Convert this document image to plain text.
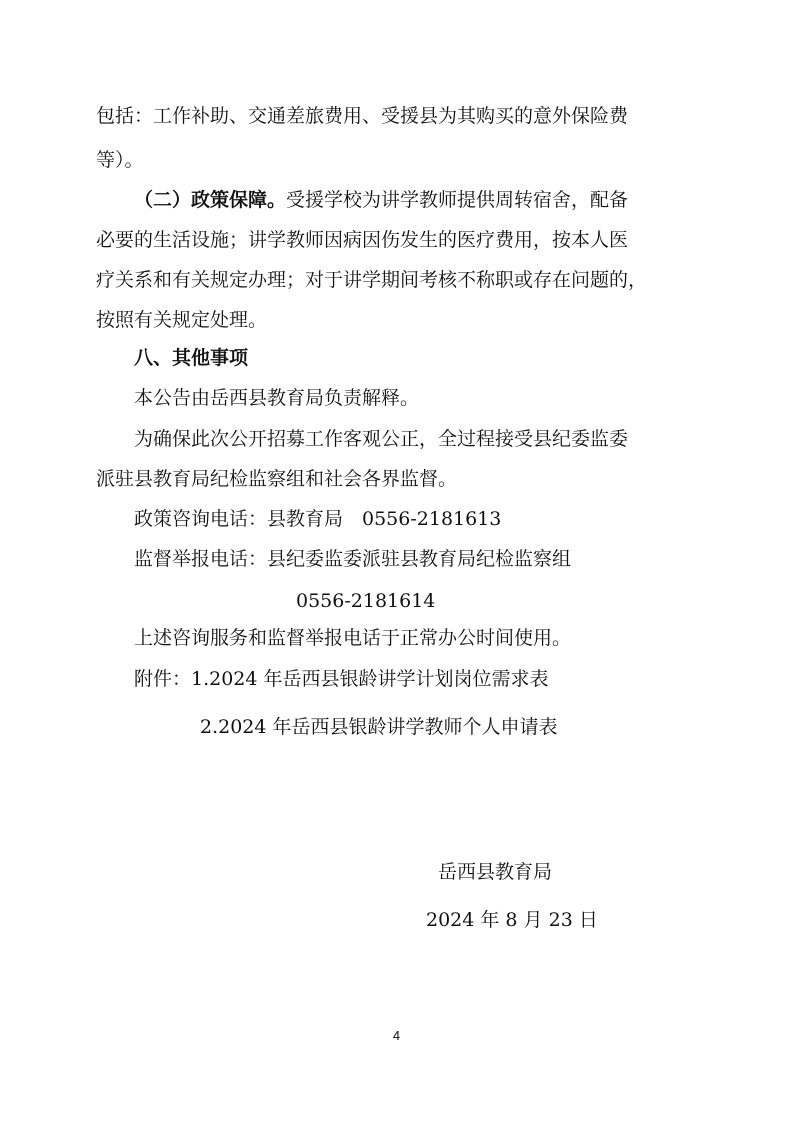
包括：工作补助、交通差旅费用、受援县为其购买的意外保险费
等）。
（二）政策保障。受援学校为讲学教师提供周转宿舍，配备
必要的生活设施；讲学教师因病因伤发生的医疗费用，按本人医
疗关系和有关规定办理；对于讲学期间考核不称职或存在问题的，
按照有关规定处理。
八、其他事项
本公告由岳西县教育局负责解释。
为确保此次公开招募工作客观公正，全过程接受县纪委监委
派驻县教育局纪检监察组和社会各界监督。
政策咨询电话：县教育局　0556-2181613
监督举报电话：县纪委监委派驻县教育局纪检监察组
0556-2181614
上述咨询服务和监督举报电话于正常办公时间使用。
附件：1.2024 年岳西县银龄讲学计划岗位需求表
2.2024 年岳西县银龄讲学教师个人申请表
岳西县教育局
2024 年 8 月 23 日
4
